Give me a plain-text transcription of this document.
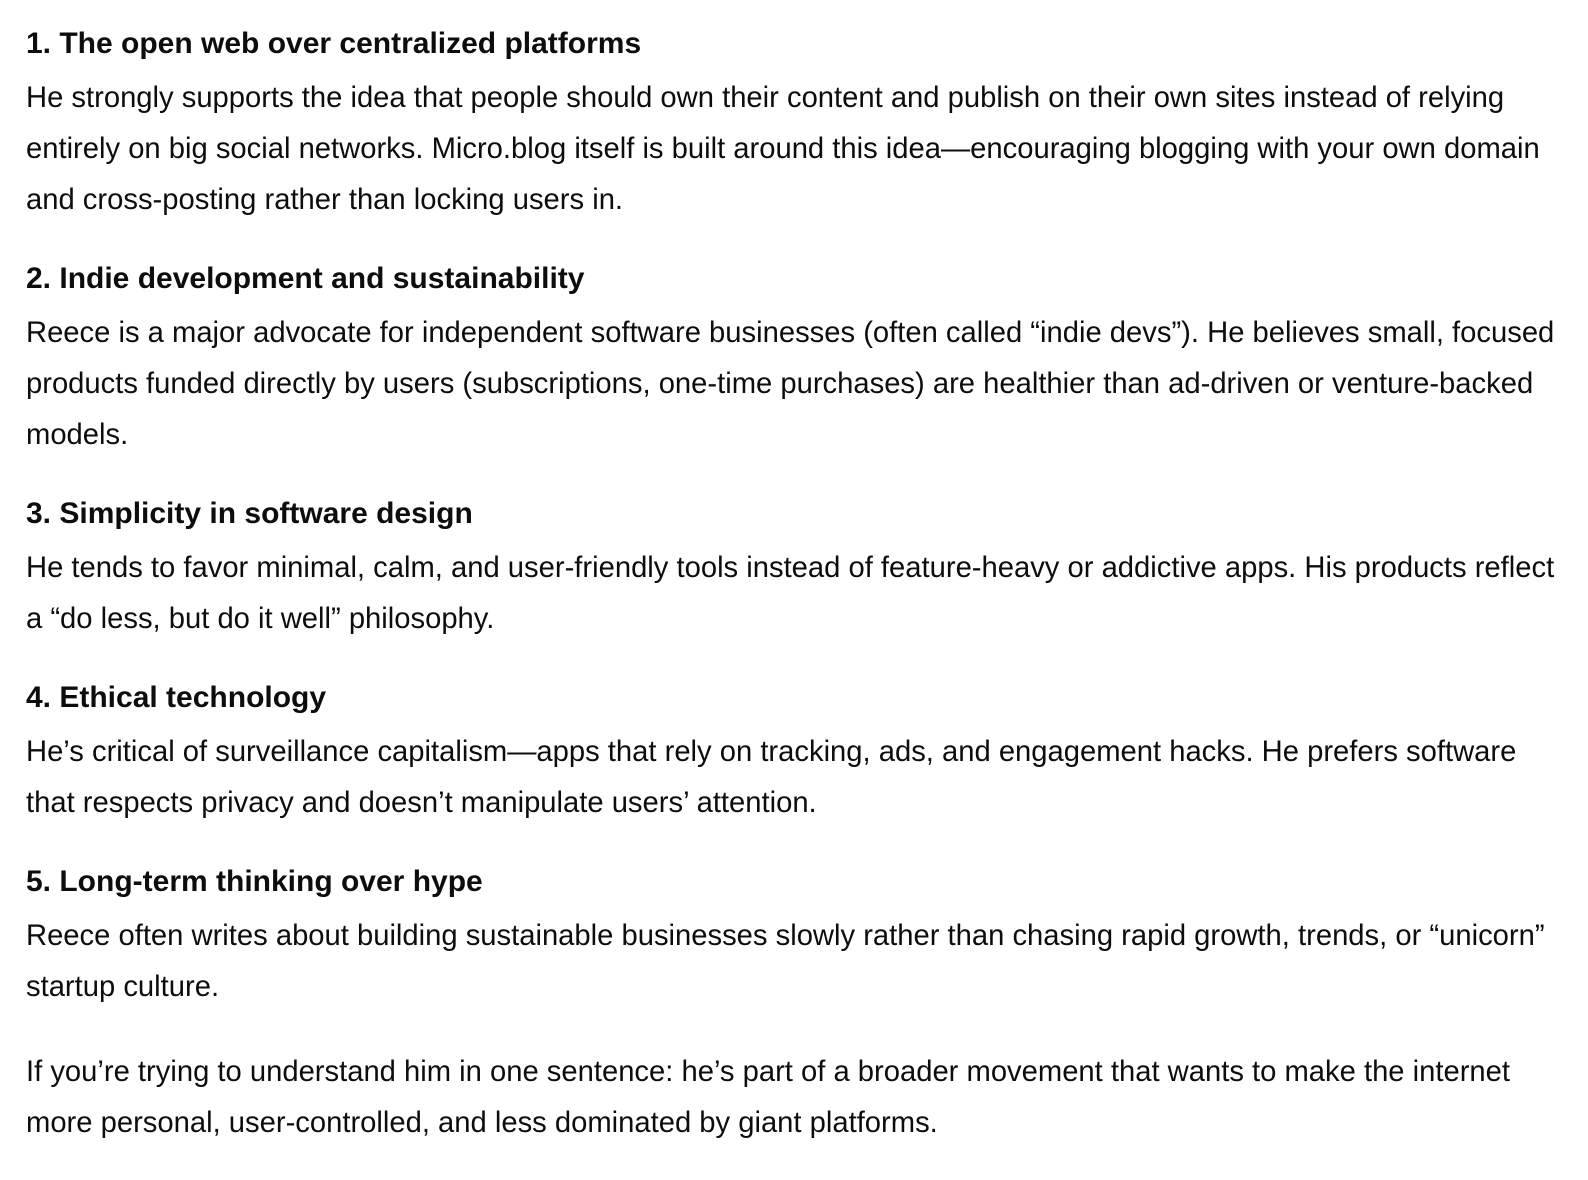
1. The open web over centralized platforms

He strongly supports the idea that people should own their content and publish on their own sites instead of relying entirely on big social networks. Micro.blog itself is built around this idea—encouraging blogging with your own domain and cross-posting rather than locking users in.

2. Indie development and sustainability

Reece is a major advocate for independent software businesses (often called “indie devs”). He believes small, focused products funded directly by users (subscriptions, one-time purchases) are healthier than ad-driven or venture-backed models.

3. Simplicity in software design

He tends to favor minimal, calm, and user-friendly tools instead of feature-heavy or addictive apps. His products reflect a “do less, but do it well” philosophy.

4. Ethical technology

He’s critical of surveillance capitalism—apps that rely on tracking, ads, and engagement hacks. He prefers software that respects privacy and doesn’t manipulate users’ attention.

5. Long-term thinking over hype

Reece often writes about building sustainable businesses slowly rather than chasing rapid growth, trends, or “unicorn” startup culture.

If you’re trying to understand him in one sentence: he’s part of a broader movement that wants to make the internet more personal, user-controlled, and less dominated by giant platforms.
